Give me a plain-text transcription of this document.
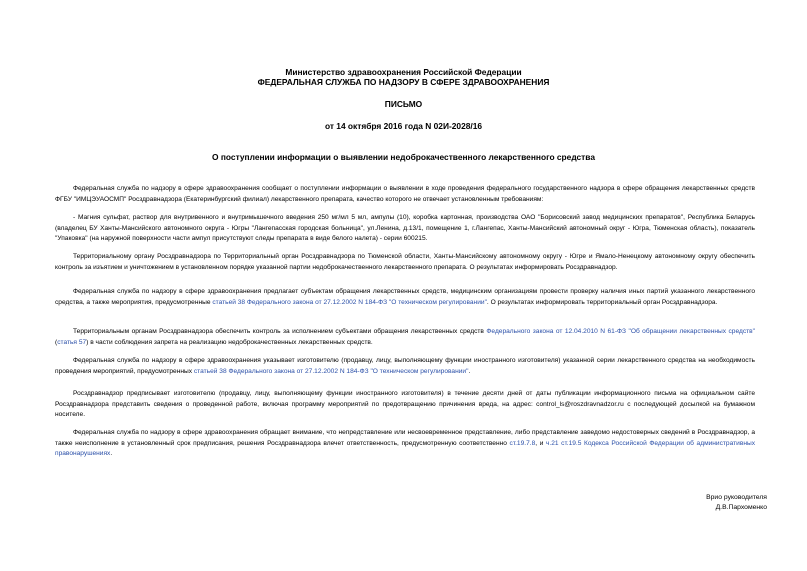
Министерство здравоохранения Российской Федерации
ФЕДЕРАЛЬНАЯ СЛУЖБА ПО НАДЗОРУ В СФЕРЕ ЗДРАВООХРАНЕНИЯ
ПИСЬМО
от 14 октября 2016 года N 02И-2028/16
О поступлении информации о выявлении недоброкачественного лекарственного средства
Федеральная служба по надзору в сфере здравоохранения сообщает о поступлении информации о выявлении в ходе проведения федерального государственного надзора в сфере обращения лекарственных средств ФГБУ "ИМЦЭУАОСМП" Росздравнадзора (Екатеринбургский филиал) лекарственного препарата, качество которого не отвечает установленным требованиям:
- Магния сульфат, раствор для внутривенного и внутримышечного введения 250 мг/мл 5 мл, ампулы (10), коробка картонная, производства ОАО "Борисовский завод медицинских препаратов", Республика Беларусь (владелец БУ Ханты-Мансийского автономного округа - Югры "Лангепасская городская больница", ул.Ленина, д.13/1, помещение 1, г.Лангепас, Ханты-Мансийский автономный округ - Югра, Тюменская область), показатель "Упаковка" (на наружной поверхности части ампул присутствуют следы препарата в виде белого налета) - серии 600215.
Территориальному органу Росздравнадзора по Территориальный орган Росздравнадзора по Тюменской области, Ханты-Мансийскому автономному округу - Югре и Ямало-Ненецкому автономному округу обеспечить контроль за изъятием и уничтожением в установленном порядке указанной партии недоброкачественного лекарственного препарата. О результатах информировать Росздравнадзор.
Федеральная служба по надзору в сфере здравоохранения предлагает субъектам обращения лекарственных средств, медицинским организациям провести проверку наличия иных партий указанного лекарственного средства, а также мероприятия, предусмотренные статьей 38 Федерального закона от 27.12.2002 N 184-ФЗ "О техническом регулировании". О результатах информировать территориальный орган Росздравнадзора.
Территориальным органам Росздравнадзора обеспечить контроль за исполнением субъектами обращения лекарственных средств Федерального закона от 12.04.2010 N 61-ФЗ "Об обращении лекарственных средств" (статья 57) в части соблюдения запрета на реализацию недоброкачественных лекарственных средств.
Федеральная служба по надзору в сфере здравоохранения указывает изготовителю (продавцу, лицу, выполняющему функции иностранного изготовителя) указанной серии лекарственного средства на необходимость проведения мероприятий, предусмотренных статьей 38 Федерального закона от 27.12.2002 N 184-ФЗ "О техническом регулировании".
Росздравнадзор предписывает изготовителю (продавцу, лицу, выполняющему функции иностранного изготовителя) в течение десяти дней от даты публикации информационного письма на официальном сайте Росздравнадзора представить сведения о проведенной работе, включая программу мероприятий по предотвращению причинения вреда, на адрес: control_ls@roszdravnadzor.ru с последующей досылкой на бумажном носителе.
Федеральная служба по надзору в сфере здравоохранения обращает внимание, что непредставление или несвоевременное представление, либо представление заведомо недостоверных сведений в Росздравнадзор, а также неисполнение в установленный срок предписания, решения Росздравнадзора влечет ответственность, предусмотренную соответственно ст.19.7.8, и ч.21 ст.19.5 Кодекса Российской Федерации об административных правонарушениях.
Врио руководителя
Д.В.Пархоменко
